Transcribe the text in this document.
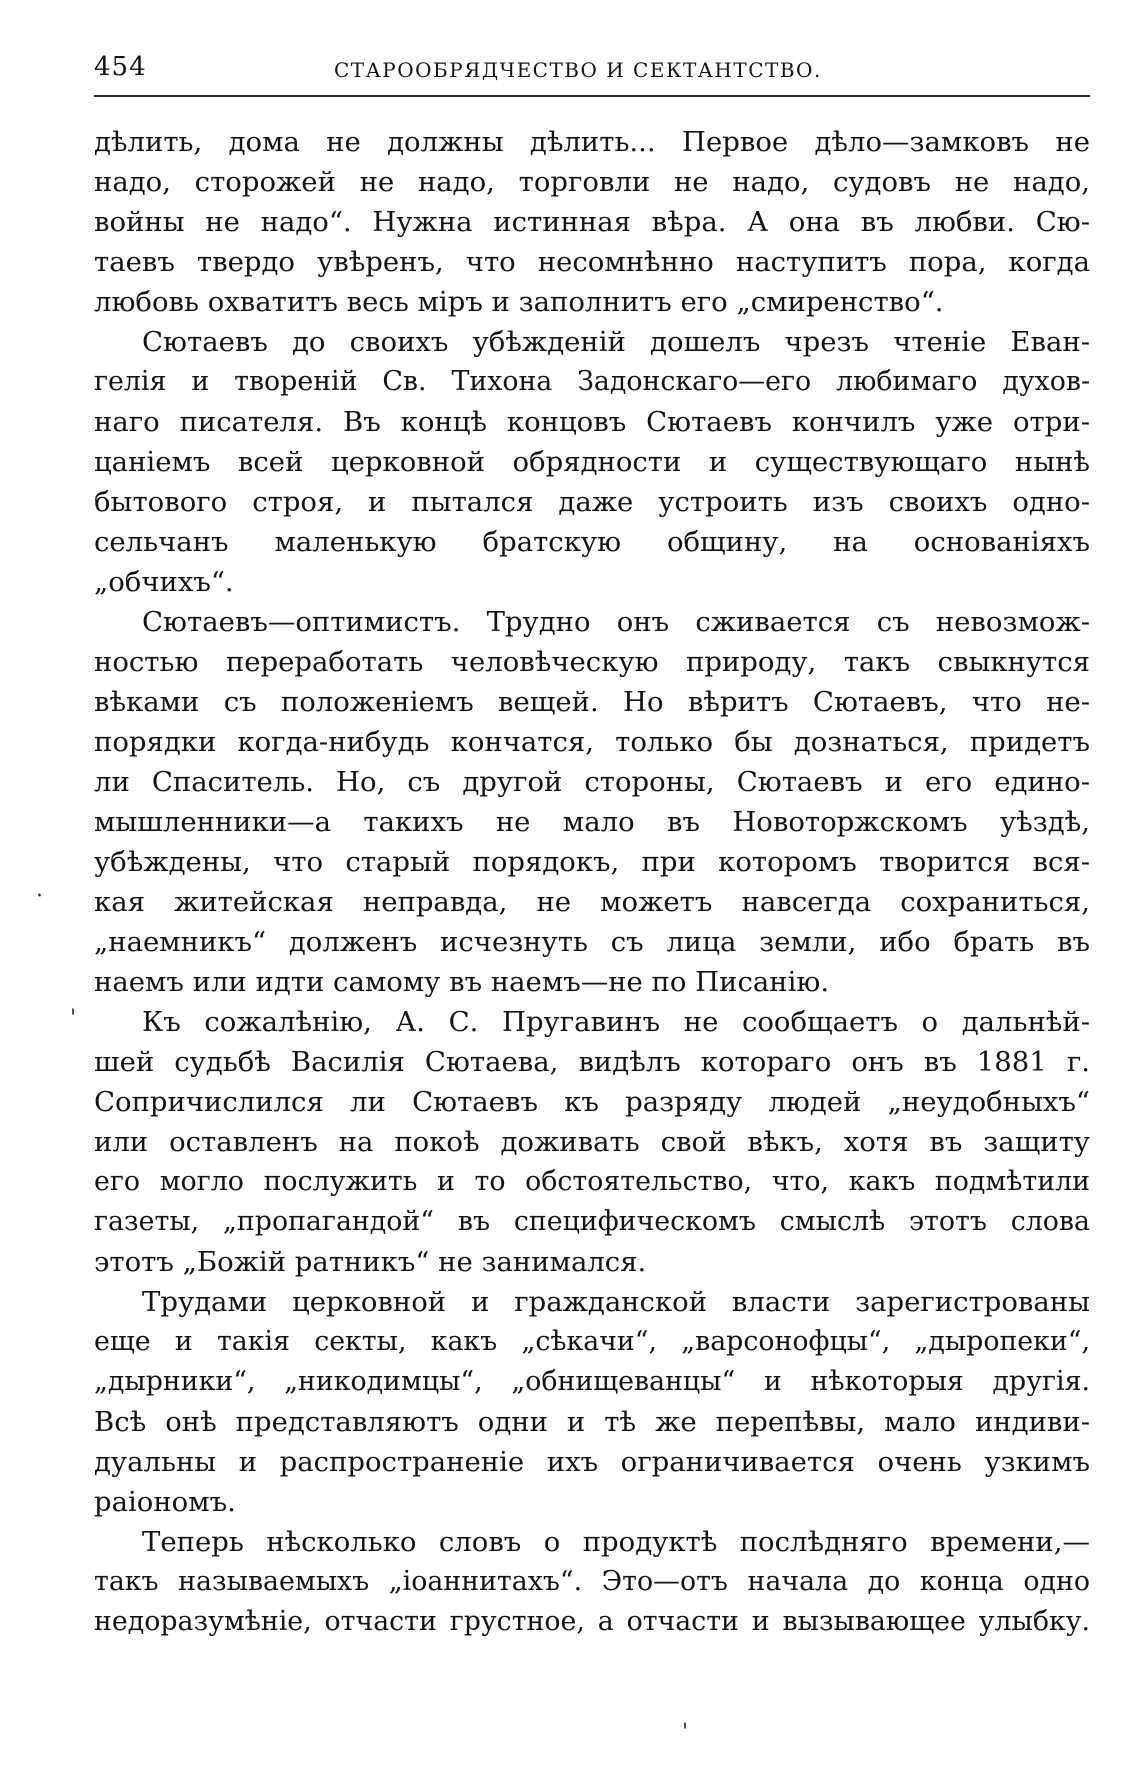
454	СТАРООБРЯДЧЕСТВО И СЕКТАНТСТВО.
дѣлить, дома не должны дѣлить... Первое дѣло—замковъ не
надо, сторожей не надо, торговли не надо, судовъ не надо,
войны не надо“. Нужна истинная вѣра. А она въ любви. Сю-
таевъ твердо увѣренъ, что несомнѣнно наступитъ пора, когда
любовь охватитъ весь міръ и заполнитъ его „смиренство“.
Сютаевъ до своихъ убѣжденій дошелъ чрезъ чтеніе Еван-
гелія и твореній Св. Тихона Задонскаго—его любимаго духов-
наго писателя. Въ концѣ концовъ Сютаевъ кончилъ уже отри-
цаніемъ всей церковной обрядности и существующаго нынѣ
бытового строя, и пытался даже устроить изъ своихъ одно-
сельчанъ маленькую братскую общину, на основаніяхъ
„обчихъ“.
Сютаевъ—оптимистъ. Трудно онъ сживается съ невозмож-
ностью переработать человѣческую природу, такъ свыкнутся
вѣками съ положеніемъ вещей. Но вѣритъ Сютаевъ, что не-
порядки когда-нибудь кончатся, только бы дознаться, придетъ
ли Спаситель. Но, съ другой стороны, Сютаевъ и его едино-
мышленники—а такихъ не мало въ Новоторжскомъ уѣздѣ,
убѣждены, что старый порядокъ, при которомъ творится вся-
кая житейская неправда, не можетъ навсегда сохраниться,
„наемникъ“ долженъ исчезнуть съ лица земли, ибо брать въ
наемъ или идти самому въ наемъ—не по Писанію.
Къ сожалѣнію, А. С. Пругавинъ не сообщаетъ о дальнѣй-
шей судьбѣ Василія Сютаева, видѣлъ котораго онъ въ 1881 г.
Сопричислился ли Сютаевъ къ разряду людей „неудобныхъ“
или оставленъ на покоѣ доживать свой вѣкъ, хотя въ защиту
его могло послужить и то обстоятельство, что, какъ подмѣтили
газеты, „пропагандой“ въ специфическомъ смыслѣ этотъ слова
этотъ „Божій ратникъ“ не занимался.
Трудами церковной и гражданской власти зарегистрованы
еще и такія секты, какъ „сѣкачи“, „варсонофцы“, „дыропеки“,
„дырники“, „никодимцы“, „обнищеванцы“ и нѣкоторыя другія.
Всѣ онѣ представляютъ одни и тѣ же перепѣвы, мало индиви-
дуальны и распространеніе ихъ ограничивается очень узкимъ
раіономъ.
Теперь нѣсколько словъ о продуктѣ послѣдняго времени,—
такъ называемыхъ „іоаннитахъ“. Это—отъ начала до конца одно
недоразумѣніе, отчасти грустное, а отчасти и вызывающее улыбку.
·
'
'
